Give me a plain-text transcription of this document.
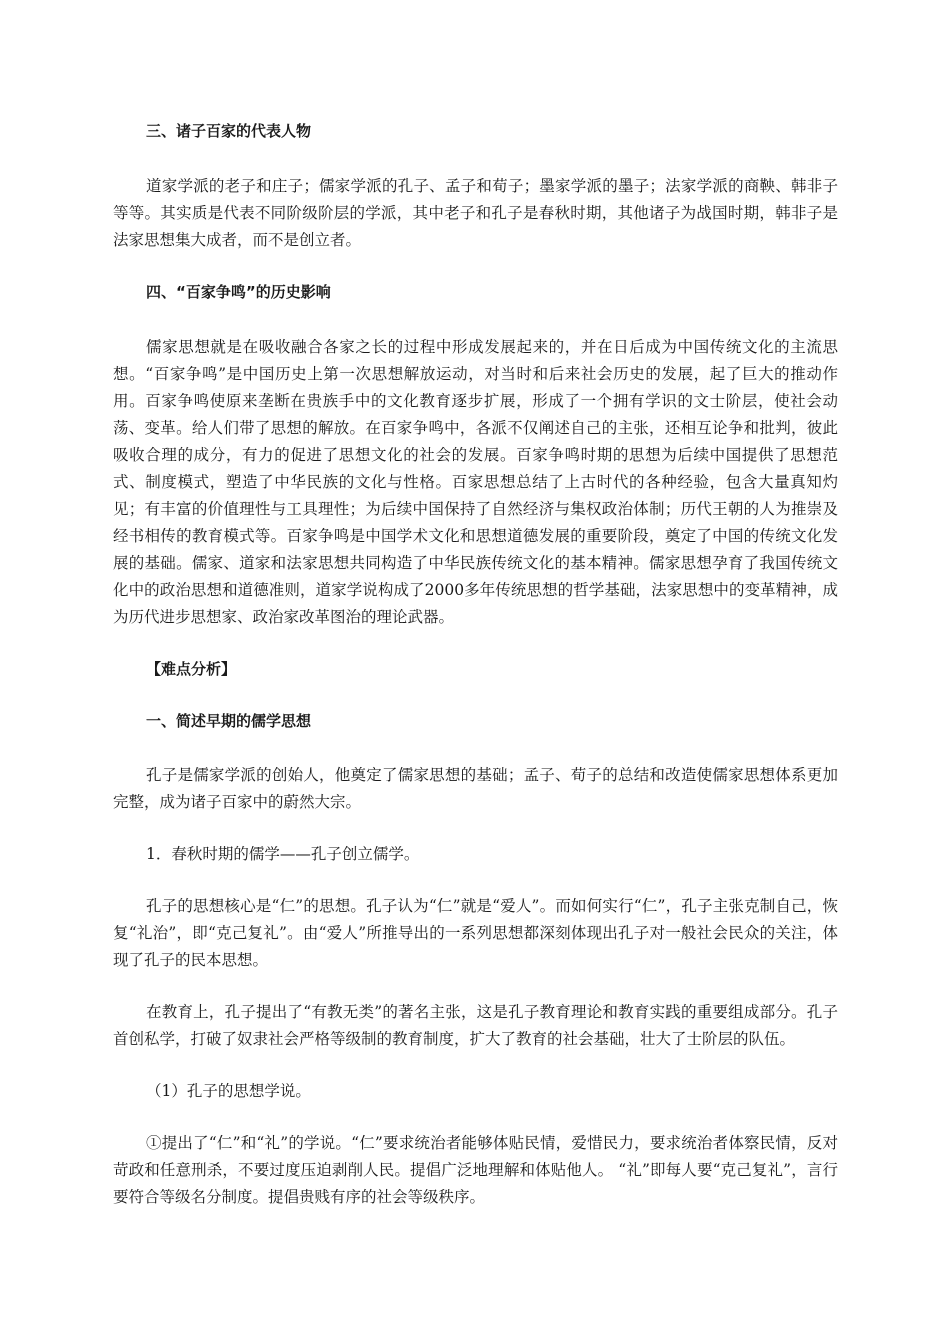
三、诸子百家的代表人物

道家学派的老子和庄子；儒家学派的孔子、孟子和荀子；墨家学派的墨子；法家学派的商鞅、韩非子等等。其实质是代表不同阶级阶层的学派，其中老子和孔子是春秋时期，其他诸子为战国时期，韩非子是法家思想集大成者，而不是创立者。

四、“百家争鸣”的历史影响

儒家思想就是在吸收融合各家之长的过程中形成发展起来的，并在日后成为中国传统文化的主流思想。“百家争鸣”是中国历史上第一次思想解放运动，对当时和后来社会历史的发展，起了巨大的推动作用。百家争鸣使原来垄断在贵族手中的文化教育逐步扩展，形成了一个拥有学识的文士阶层，使社会动荡、变革。给人们带了思想的解放。在百家争鸣中，各派不仅阐述自己的主张，还相互论争和批判，彼此吸收合理的成分，有力的促进了思想文化的社会的发展。百家争鸣时期的思想为后续中国提供了思想范式、制度模式，塑造了中华民族的文化与性格。百家思想总结了上古时代的各种经验，包含大量真知灼见；有丰富的价值理性与工具理性；为后续中国保持了自然经济与集权政治体制；历代王朝的人为推崇及经书相传的教育模式等。百家争鸣是中国学术文化和思想道德发展的重要阶段，奠定了中国的传统文化发展的基础。儒家、道家和法家思想共同构造了中华民族传统文化的基本精神。儒家思想孕育了我国传统文化中的政治思想和道德准则，道家学说构成了2000多年传统思想的哲学基础，法家思想中的变革精神，成为历代进步思想家、政治家改革图治的理论武器。

【难点分析】

一、简述早期的儒学思想

孔子是儒家学派的创始人，他奠定了儒家思想的基础；孟子、荀子的总结和改造使儒家思想体系更加完整，成为诸子百家中的蔚然大宗。

1．春秋时期的儒学——孔子创立儒学。

孔子的思想核心是“仁”的思想。孔子认为“仁”就是“爱人”。而如何实行“仁”，孔子主张克制自己，恢复“礼治”，即“克己复礼”。由“爱人”所推导出的一系列思想都深刻体现出孔子对一般社会民众的关注，体现了孔子的民本思想。

在教育上，孔子提出了“有教无类”的著名主张，这是孔子教育理论和教育实践的重要组成部分。孔子首创私学，打破了奴隶社会严格等级制的教育制度，扩大了教育的社会基础，壮大了士阶层的队伍。

（1）孔子的思想学说。

①提出了“仁”和“礼”的学说。“仁”要求统治者能够体贴民情，爱惜民力，要求统治者体察民情，反对苛政和任意刑杀，不要过度压迫剥削人民。提倡广泛地理解和体贴他人。 “礼”即每人要“克己复礼”，言行要符合等级名分制度。提倡贵贱有序的社会等级秩序。
